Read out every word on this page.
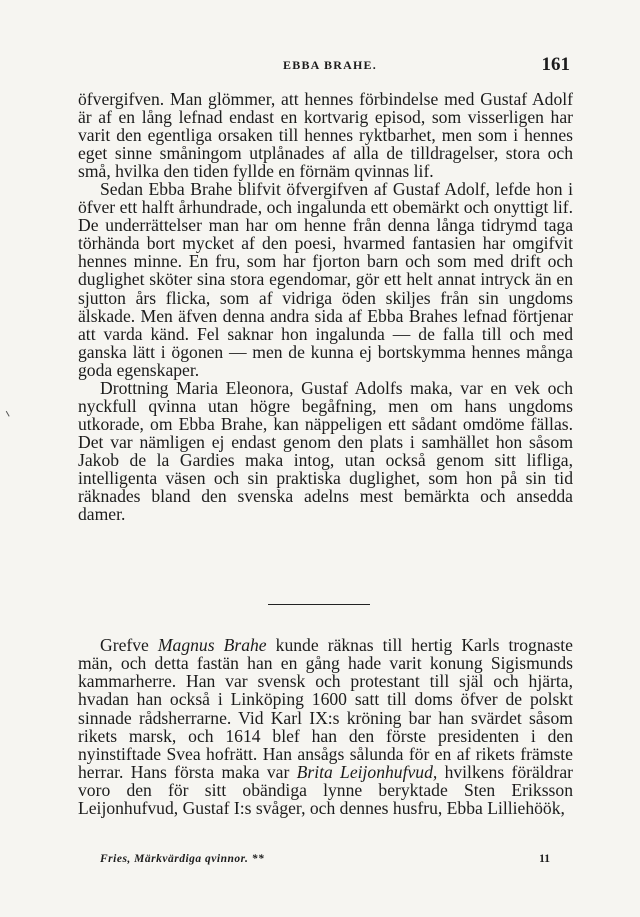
EBBA BRAHE.	161

öfvergifven. Man glömmer, att hennes förbindelse med Gustaf Adolf är af en lång lefnad endast en kortvarig episod, som visserligen har varit den egentliga orsaken till hennes ryktbarhet, men som i hennes eget sinne småningom utplånades af alla de tilldragelser, stora och små, hvilka den tiden fyllde en förnäm qvinnas lif.

Sedan Ebba Brahe blifvit öfvergifven af Gustaf Adolf, lefde hon i öfver ett halft århundrade, och ingalunda ett obemärkt och onyttigt lif. De underrättelser man har om henne från denna långa tidrymd taga törhända bort mycket af den poesi, hvarmed fantasien har omgifvit hennes minne. En fru, som har fjorton barn och som med drift och duglighet sköter sina stora egendomar, gör ett helt annat intryck än en sjutton års flicka, som af vidriga öden skiljes från sin ungdoms älskade. Men äfven denna andra sida af Ebba Brahes lefnad förtjenar att varda känd. Fel saknar hon ingalunda — de falla till och med ganska lätt i ögonen — men de kunna ej bortskymma hennes många goda egenskaper.

Drottning Maria Eleonora, Gustaf Adolfs maka, var en vek och nyckfull qvinna utan högre begåfning, men om hans ungdoms utkorade, om Ebba Brahe, kan näppeligen ett sådant omdöme fällas. Det var nämligen ej endast genom den plats i samhället hon såsom Jakob de la Gardies maka intog, utan också genom sitt lifliga, intelligenta väsen och sin praktiska duglighet, som hon på sin tid räknades bland den svenska adelns mest bemärkta och ansedda damer.

Grefve Magnus Brahe kunde räknas till hertig Karls trognaste män, och detta fastän han en gång hade varit konung Sigismunds kammarherre. Han var svensk och protestant till själ och hjärta, hvadan han också i Linköping 1600 satt till doms öfver de polskt sinnade rådsherrarne. Vid Karl IX:s kröning bar han svärdet såsom rikets marsk, och 1614 blef han den förste presidenten i den nyinstiftade Svea hofrätt. Han ansågs sålunda för en af rikets främste herrar. Hans första maka var Brita Leijonhufvud, hvilkens föräldrar voro den för sitt obändiga lynne beryktade Sten Eriksson Leijonhufvud, Gustaf I:s svåger, och dennes husfru, Ebba Lilliehöök,

Fries, Märkvärdiga qvinnor. **	11
